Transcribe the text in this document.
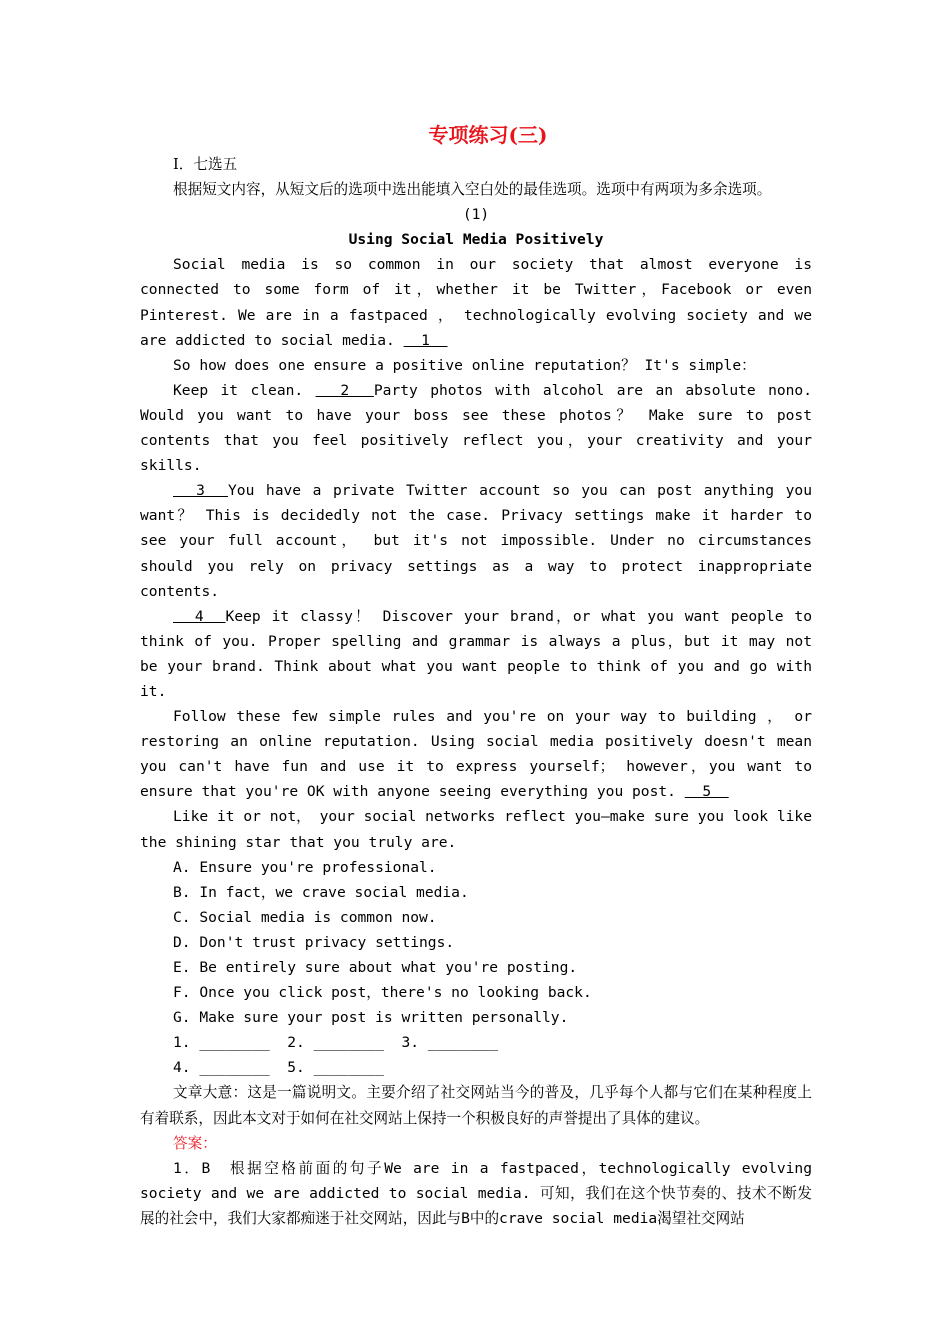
专项练习(三)
Ⅰ．七选五
根据短文内容，从短文后的选项中选出能填入空白处的最佳选项。选项中有两项为多余选项。
(1)
Using Social Media Positively
Social media is so common in our society that almost everyone is connected to some form of it，whether it be Twitter，Facebook or even Pinterest. We are in a fastpaced ， technologically evolving society and we are addicted to social media.   1
So how does one ensure a positive online reputation？ It's simple：
Keep it clean.   2  Party photos with alcohol are an absolute nono. Would you want to have your boss see these photos？ Make sure to post contents that you feel positively reflect you，your creativity and your skills.
3  You have a private Twitter account so you can post anything you want？ This is decidedly not the case. Privacy settings make it harder to see your full account， but it's not impossible. Under no circumstances should you rely on privacy settings as a way to protect inappropriate contents.
4  Keep it classy！ Discover your brand，or what you want people to think of you. Proper spelling and grammar is always a plus，but it may not be your brand. Think about what you want people to think of you and go with it.
Follow these few simple rules and you're on your way to building ， or restoring an online reputation. Using social media positively doesn't mean you can't have fun and use it to express yourself； however，you want to ensure that you're OK with anyone seeing everything you post.   5
Like it or not， your social networks reflect you—make sure you look like the shining star that you truly are.
A. Ensure you're professional.
B. In fact，we crave social media.
C. Social media is common now.
D. Don't trust privacy settings.
E. Be entirely sure about what you're posting.
F. Once you click post，there's no looking back.
G. Make sure your post is written personally.
1. ________  2. ________  3. ________
4. ________  5. ________
文章大意：这是一篇说明文。主要介绍了社交网站当今的普及，几乎每个人都与它们在某种程度上有着联系，因此本文对于如何在社交网站上保持一个积极良好的声誉提出了具体的建议。
答案：
1．B　根据空格前面的句子We are in a fastpaced，technologically evolving society and we are addicted to social media. 可知，我们在这个快节奏的、技术不断发展的社会中，我们大家都痴迷于社交网站，因此与B中的crave social media渴望社交网站
